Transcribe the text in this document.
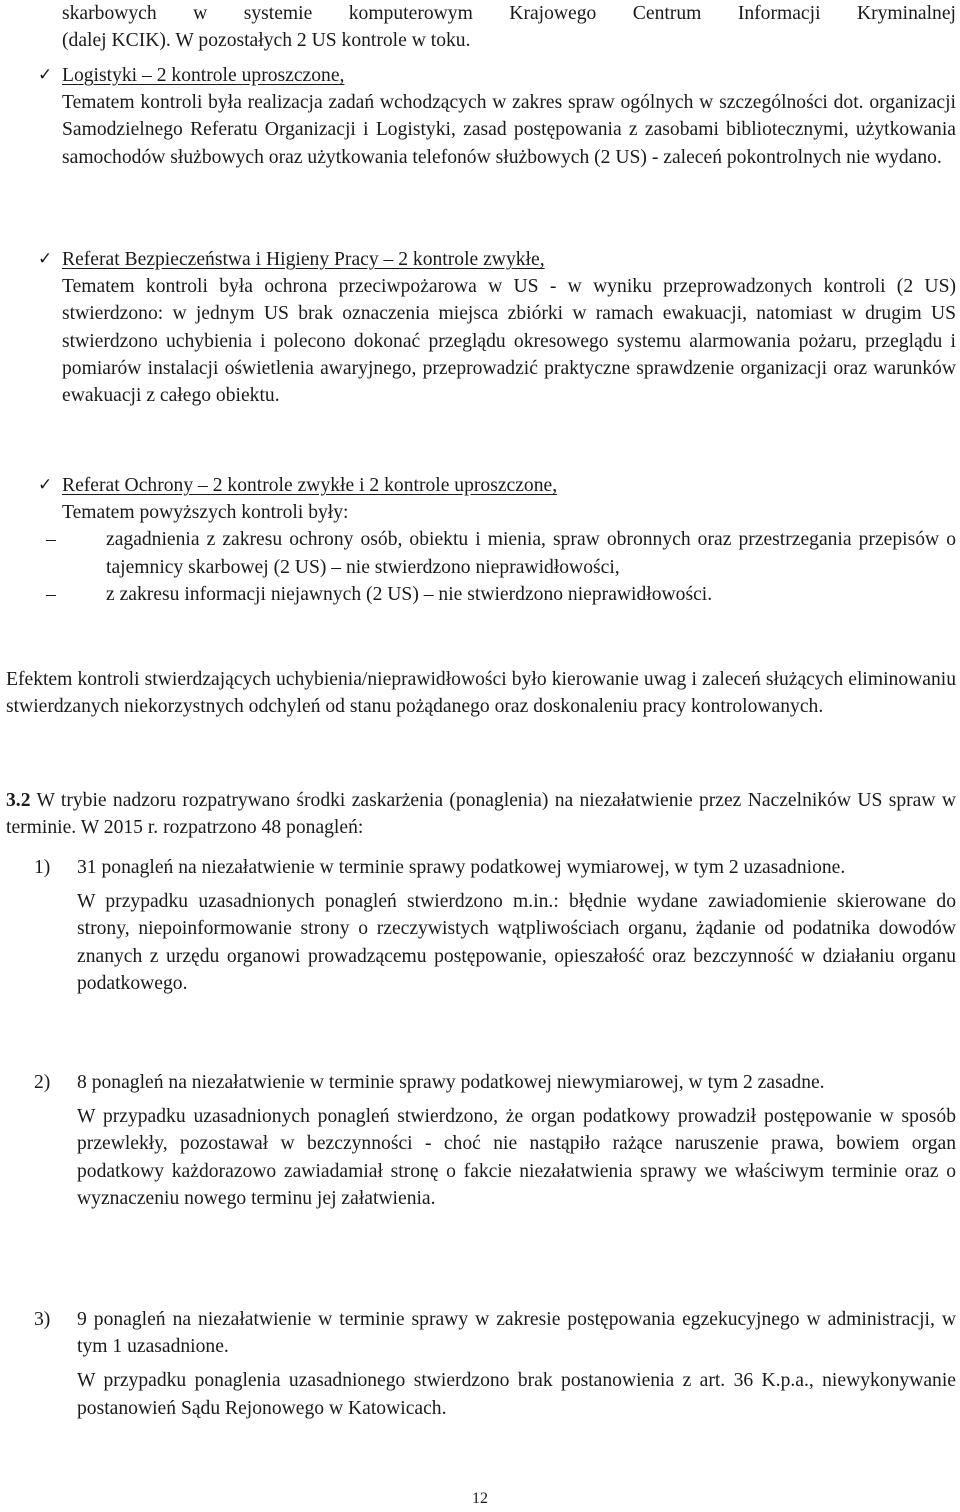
skarbowych w systemie komputerowym Krajowego Centrum Informacji Kryminalnej

(dalej KCIK). W pozostałych 2 US kontrole w toku.

✓ Logistyki – 2 kontrole uproszczone,

Tematem kontroli była realizacja zadań wchodzących w zakres spraw ogólnych w szczególności dot. organizacji Samodzielnego Referatu Organizacji i Logistyki, zasad postępowania z zasobami bibliotecznymi, użytkowania samochodów służbowych oraz użytkowania telefonów służbowych (2 US) - zaleceń pokontrolnych nie wydano.

✓ Referat Bezpieczeństwa i Higieny Pracy – 2 kontrole zwykłe,

Tematem kontroli była ochrona przeciwpożarowa w US - w wyniku przeprowadzonych kontroli (2 US) stwierdzono: w jednym US brak oznaczenia miejsca zbiórki w ramach ewakuacji, natomiast w drugim US stwierdzono uchybienia i polecono dokonać przeglądu okresowego systemu alarmowania pożaru, przeglądu i pomiarów instalacji oświetlenia awaryjnego, przeprowadzić praktyczne sprawdzenie organizacji oraz warunków ewakuacji z całego obiektu.

✓ Referat Ochrony – 2 kontrole zwykłe i 2 kontrole uproszczone,

Tematem powyższych kontroli były:

–	zagadnienia z zakresu ochrony osób, obiektu i mienia, spraw obronnych oraz przestrzegania przepisów o tajemnicy skarbowej (2 US) – nie stwierdzono nieprawidłowości,

–	z zakresu informacji niejawnych (2 US) – nie stwierdzono nieprawidłowości.

Efektem kontroli stwierdzających uchybienia/nieprawidłowości było kierowanie uwag i zaleceń służących eliminowaniu stwierdzanych niekorzystnych odchyleń od stanu pożądanego oraz doskonaleniu pracy kontrolowanych.

3.2 W trybie nadzoru rozpatrywano środki zaskarżenia (ponaglenia) na niezałatwienie przez Naczelników US spraw w terminie. W 2015 r. rozpatrzono 48 ponagleń:

1) 31 ponagleń na niezałatwienie w terminie sprawy podatkowej wymiarowej, w tym 2 uzasadnione.

W przypadku uzasadnionych ponagleń stwierdzono m.in.: błędnie wydane zawiadomienie skierowane do strony, niepoinformowanie strony o rzeczywistych wątpliwościach organu, żądanie od podatnika dowodów znanych z urzędu organowi prowadzącemu postępowanie, opieszałość oraz bezczynność w działaniu organu podatkowego.

2) 8 ponagleń na niezałatwienie w terminie sprawy podatkowej niewymiarowej, w tym 2 zasadne.

W przypadku uzasadnionych ponagleń stwierdzono, że organ podatkowy prowadził postępowanie w sposób przewlekły, pozostawał w bezczynności - choć nie nastąpiło rażące naruszenie prawa, bowiem organ podatkowy każdorazowo zawiadamiał stronę o fakcie niezałatwienia sprawy we właściwym terminie oraz o wyznaczeniu nowego terminu jej załatwienia.

3) 9 ponagleń na niezałatwienie w terminie sprawy w zakresie postępowania egzekucyjnego w administracji, w tym 1 uzasadnione.

W przypadku ponaglenia uzasadnionego stwierdzono brak postanowienia z art. 36 K.p.a., niewykonywanie postanowień Sądu Rejonowego w Katowicach.

12
